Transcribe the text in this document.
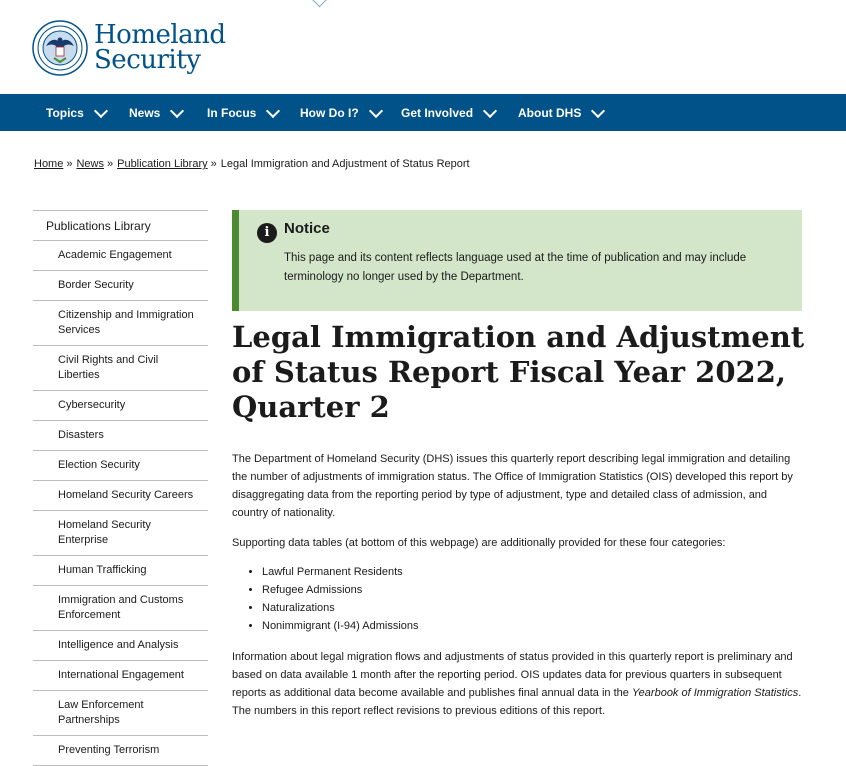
Homeland
Security
Topics	News	In Focus	How Do I?	Get Involved	About DHS
Home » News » Publication Library » Legal Immigration and Adjustment of Status Report
Publications Library
Academic Engagement
Border Security
Citizenship and Immigration Services
Civil Rights and Civil Liberties
Cybersecurity
Disasters
Election Security
Homeland Security Careers
Homeland Security Enterprise
Human Trafficking
Immigration and Customs Enforcement
Intelligence and Analysis
International Engagement
Law Enforcement Partnerships
Preventing Terrorism
i Notice
This page and its content reflects language used at the time of publication and may include terminology no longer used by the Department.
Legal Immigration and Adjustment of Status Report Fiscal Year 2022, Quarter 2

The Department of Homeland Security (DHS) issues this quarterly report describing legal immigration and detailing the number of adjustments of immigration status. The Office of Immigration Statistics (OIS) developed this report by disaggregating data from the reporting period by type of adjustment, type and detailed class of admission, and country of nationality.

Supporting data tables (at bottom of this webpage) are additionally provided for these four categories:

• Lawful Permanent Residents
• Refugee Admissions
• Naturalizations
• Nonimmigrant (I-94) Admissions

Information about legal migration flows and adjustments of status provided in this quarterly report is preliminary and based on data available 1 month after the reporting period. OIS updates data for previous quarters in subsequent reports as additional data become available and publishes final annual data in the Yearbook of Immigration Statistics. The numbers in this report reflect revisions to previous editions of this report.
